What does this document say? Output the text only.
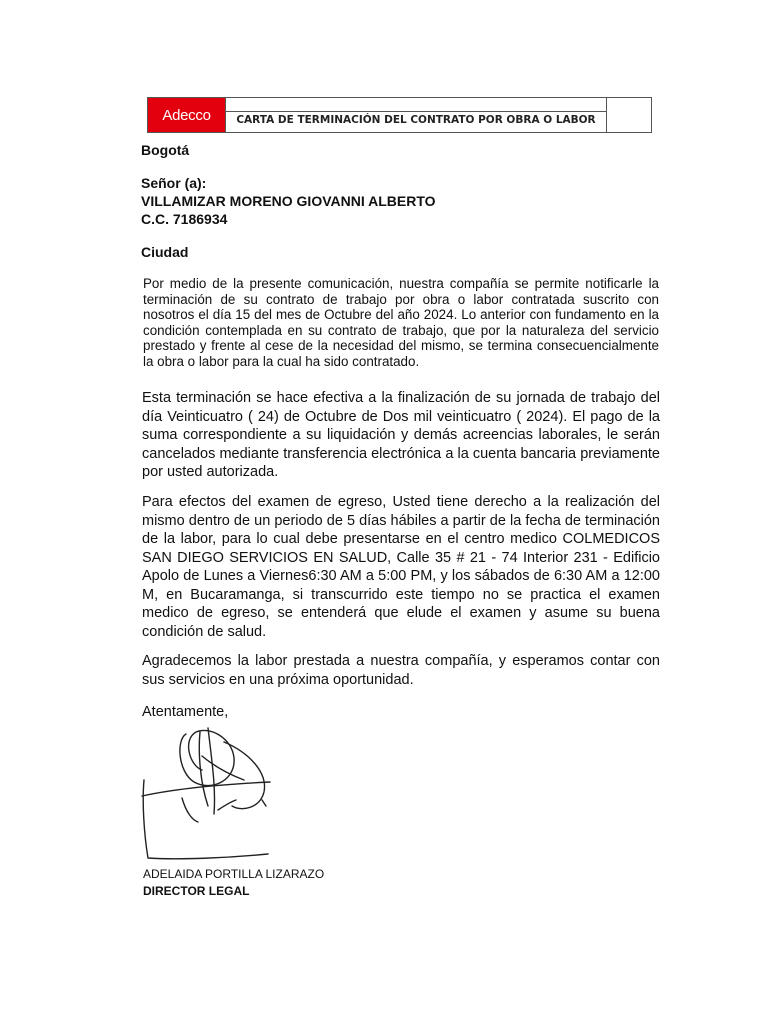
Adecco	CARTA DE TERMINACIÓN DEL CONTRATO POR OBRA O LABOR
Bogotá
Señor (a):
VILLAMIZAR MORENO GIOVANNI ALBERTO
C.C. 7186934
Ciudad

Por medio de la presente comunicación, nuestra compañía se permite notificarle la terminación de su contrato de trabajo por obra o labor contratada suscrito con nosotros el día 15 del mes de Octubre del año 2024. Lo anterior con fundamento en la condición contemplada en su contrato de trabajo, que por la naturaleza del servicio prestado y frente al cese de la necesidad del mismo, se termina consecuencialmente la obra o labor para la cual ha sido contratado.

Esta terminación se hace efectiva a la finalización de su jornada de trabajo del día Veinticuatro ( 24) de Octubre de Dos mil veinticuatro ( 2024). El pago de la suma correspondiente a su liquidación y demás acreencias laborales, le serán cancelados mediante transferencia electrónica a la cuenta bancaria previamente por usted autorizada.

Para efectos del examen de egreso, Usted tiene derecho a la realización del mismo dentro de un periodo de 5 días hábiles a partir de la fecha de terminación de la labor, para lo cual debe presentarse en el centro medico COLMEDICOS SAN DIEGO SERVICIOS EN SALUD, Calle 35 # 21 - 74 Interior 231 - Edificio Apolo de Lunes a Viernes6:30 AM a 5:00 PM, y los sábados de 6:30 AM a 12:00 M, en Bucaramanga, si transcurrido este tiempo no se practica el examen medico de egreso, se entenderá que elude el examen y asume su buena condición de salud.

Agradecemos la labor prestada a nuestra compañía, y esperamos contar con sus servicios en una próxima oportunidad.

Atentamente,
ADELAIDA PORTILLA LIZARAZO
DIRECTOR LEGAL
